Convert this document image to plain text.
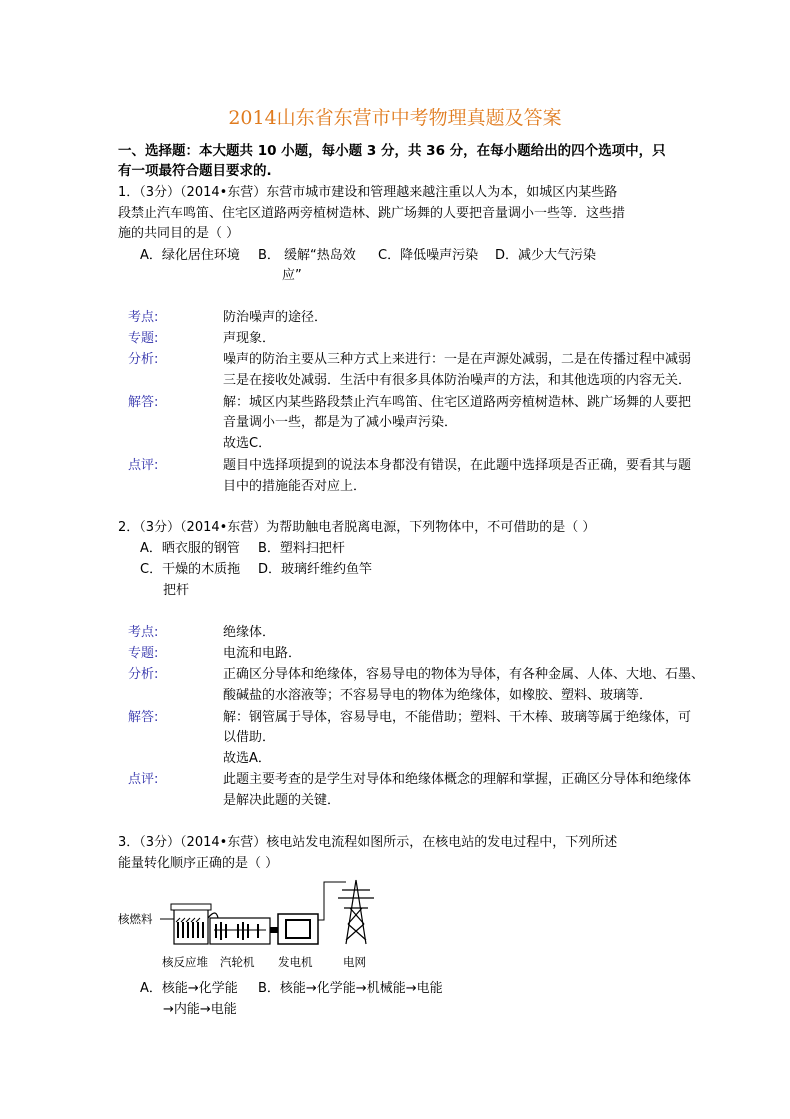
2014山东省东营市中考物理真题及答案
一、选择题：本大题共 10 小题，每小题 3 分，共 36 分，在每小题给出的四个选项中，只
有一项最符合题目要求的.
1．（3分）（2014•东营）东营市城市建设和管理越来越注重以人为本，如城区内某些路
段禁止汽车鸣笛、住宅区道路两旁植树造林、跳广场舞的人要把音量调小一些等．这些措
施的共同目的是（ ）
A．绿化居住环境 B． 缓解“热岛效
应”
C．降低噪声污染 D．减少大气污染
考点:	防治噪声的途径．
专题:	声现象．
分析:	噪声的防治主要从三种方式上来进行：一是在声源处减弱，二是在传播过程中减弱
三是在接收处减弱．生活中有很多具体防治噪声的方法，和其他选项的内容无关．
解答:	解：城区内某些路段禁止汽车鸣笛、住宅区道路两旁植树造林、跳广场舞的人要把
音量调小一些，都是为了减小噪声污染．
故选C．
点评:	题目中选择项提到的说法本身都没有错误，在此题中选择项是否正确，要看其与题
目中的措施能否对应上．
2．（3分）（2014•东营）为帮助触电者脱离电源，下列物体中，不可借助的是（ ）
A．晒衣服的钢管 B．塑料扫把杆
C．干燥的木质拖
把杆
D．玻璃纤维约鱼竿
考点:	绝缘体．
专题:	电流和电路．
分析:	正确区分导体和绝缘体，容易导电的物体为导体，有各种金属、人体、大地、石墨、
酸碱盐的水溶液等；不容易导电的物体为绝缘体，如橡胶、塑料、玻璃等．
解答:	解：钢管属于导体，容易导电，不能借助；塑料、干木棒、玻璃等属于绝缘体，可
以借助．
故选A．
点评:	此题主要考查的是学生对导体和绝缘体概念的理解和掌握，正确区分导体和绝缘体
是解决此题的关键．
3．（3分）（2014•东营）核电站发电流程如图所示，在核电站的发电过程中，下列所述
能量转化顺序正确的是（ ）
核燃料
核反应堆 汽轮机 发电机	电网
A．核能→化学能 B．核能→化学能→机械能→电能
→内能→电能
